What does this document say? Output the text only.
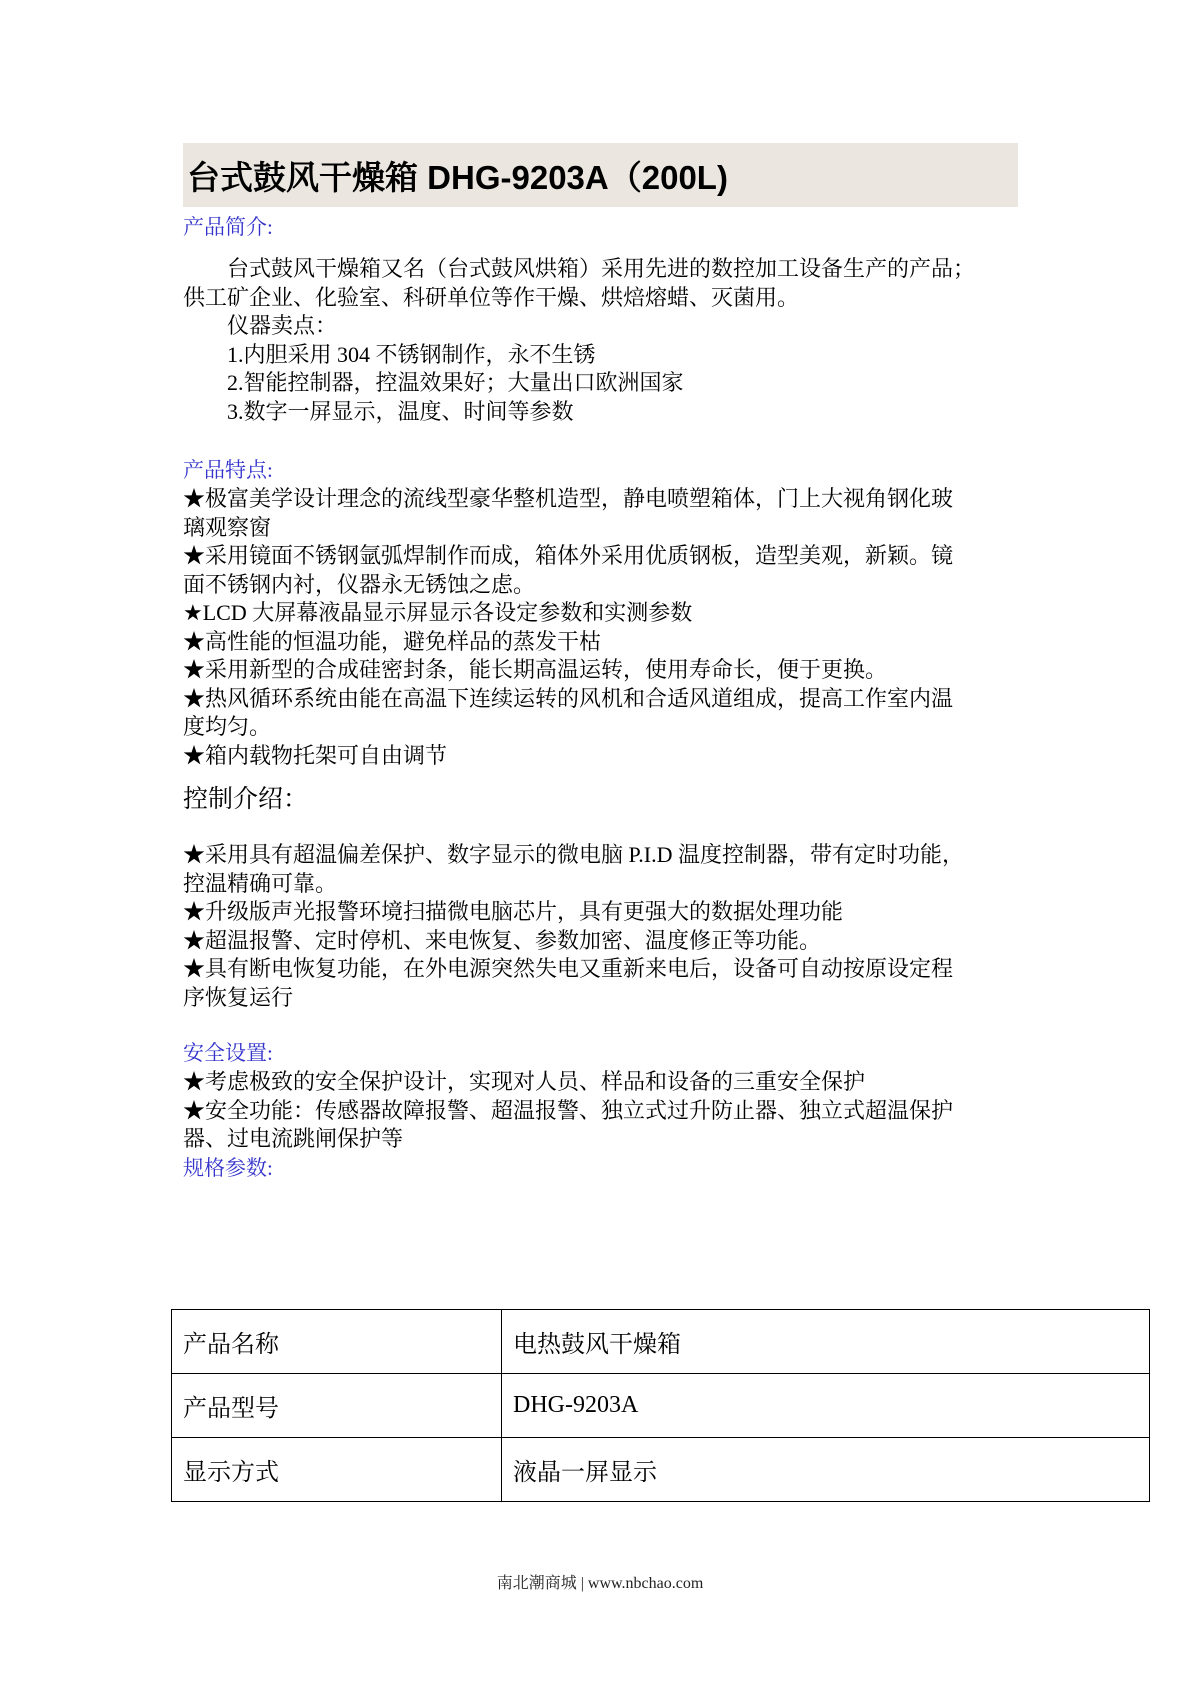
台式鼓风干燥箱 DHG-9203A（200L)
产品简介:
台式鼓风干燥箱又名（台式鼓风烘箱）采用先进的数控加工设备生产的产品；
供工矿企业、化验室、科研单位等作干燥、烘焙熔蜡、灭菌用。
仪器卖点：
1.内胆采用 304 不锈钢制作，永不生锈
2.智能控制器，控温效果好；大量出口欧洲国家
3.数字一屏显示，温度、时间等参数
产品特点:
★极富美学设计理念的流线型豪华整机造型，静电喷塑箱体，门上大视角钢化玻
璃观察窗
★采用镜面不锈钢氩弧焊制作而成，箱体外采用优质钢板，造型美观，新颖。镜
面不锈钢内衬，仪器永无锈蚀之虑。
★LCD 大屏幕液晶显示屏显示各设定参数和实测参数
★高性能的恒温功能，避免样品的蒸发干枯
★采用新型的合成硅密封条，能长期高温运转，使用寿命长，便于更换。
★热风循环系统由能在高温下连续运转的风机和合适风道组成，提高工作室内温
度均匀。
★箱内载物托架可自由调节
控制介绍：
★采用具有超温偏差保护、数字显示的微电脑 P.I.D 温度控制器，带有定时功能，
控温精确可靠。
★升级版声光报警环境扫描微电脑芯片，具有更强大的数据处理功能
★超温报警、定时停机、来电恢复、参数加密、温度修正等功能。
★具有断电恢复功能，在外电源突然失电又重新来电后，设备可自动按原设定程
序恢复运行
安全设置:
★考虑极致的安全保护设计，实现对人员、样品和设备的三重安全保护
★安全功能：传感器故障报警、超温报警、独立式过升防止器、独立式超温保护
器、过电流跳闸保护等
规格参数:
产品名称	电热鼓风干燥箱
产品型号	DHG-9203A
显示方式	液晶一屏显示
南北潮商城 | www.nbchao.com
